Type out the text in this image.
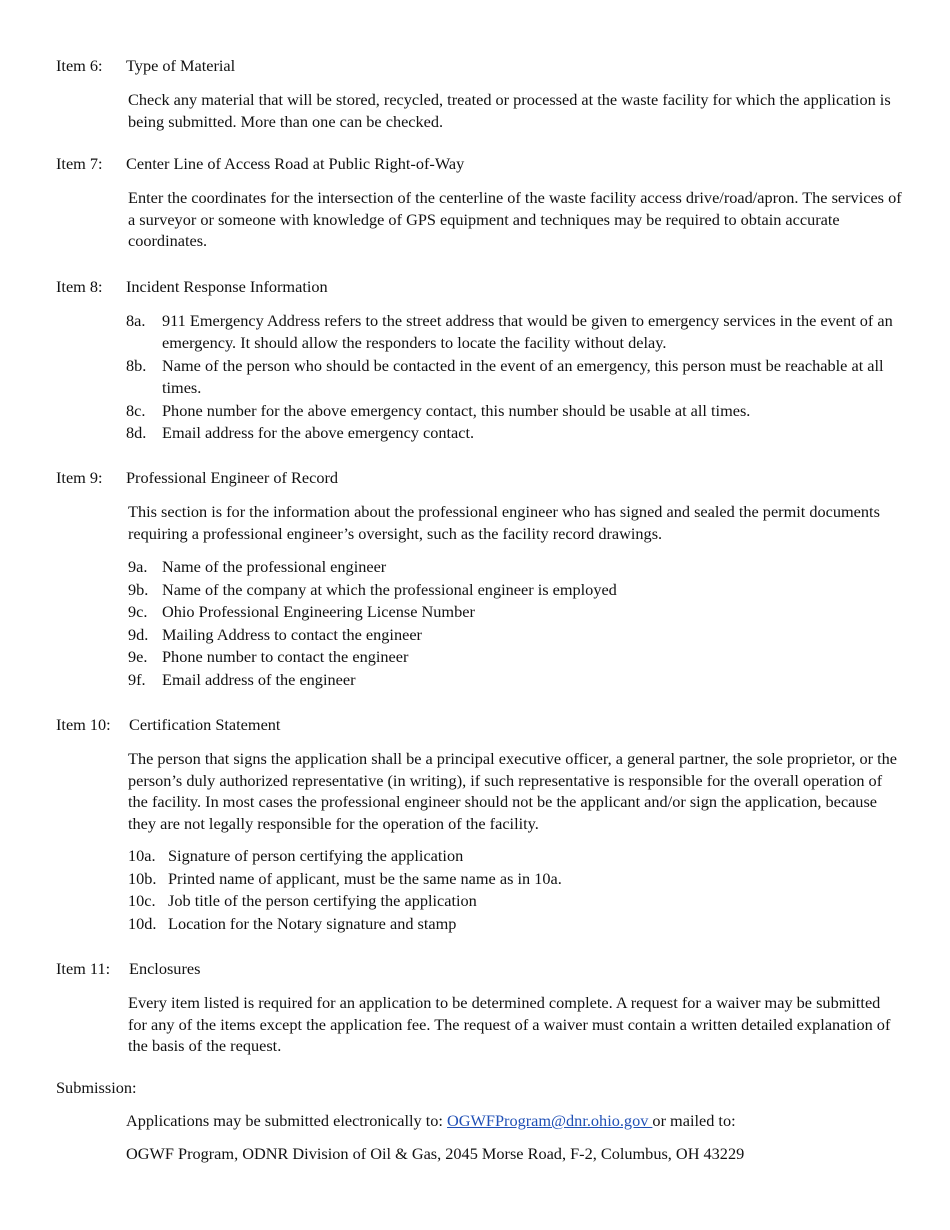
Item 6: Type of Material

Check any material that will be stored, recycled, treated or processed at the waste facility for which the application is being submitted. More than one can be checked.

Item 7: Center Line of Access Road at Public Right-of-Way

Enter the coordinates for the intersection of the centerline of the waste facility access drive/road/apron. The services of a surveyor or someone with knowledge of GPS equipment and techniques may be required to obtain accurate coordinates.

Item 8: Incident Response Information
8a. 911 Emergency Address refers to the street address that would be given to emergency services in the event of an emergency. It should allow the responders to locate the facility without delay.
8b. Name of the person who should be contacted in the event of an emergency, this person must be reachable at all times.
8c. Phone number for the above emergency contact, this number should be usable at all times.
8d. Email address for the above emergency contact.
Item 9: Professional Engineer of Record

This section is for the information about the professional engineer who has signed and sealed the permit documents requiring a professional engineer’s oversight, such as the facility record drawings.

9a. Name of the professional engineer
9b. Name of the company at which the professional engineer is employed
9c. Ohio Professional Engineering License Number
9d. Mailing Address to contact the engineer
9e. Phone number to contact the engineer
9f. Email address of the engineer
Item 10: Certification Statement

The person that signs the application shall be a principal executive officer, a general partner, the sole proprietor, or the person’s duly authorized representative (in writing), if such representative is responsible for the overall operation of the facility. In most cases the professional engineer should not be the applicant and/or sign the application, because they are not legally responsible for the operation of the facility.

10a. Signature of person certifying the application
10b. Printed name of applicant, must be the same name as in 10a.
10c. Job title of the person certifying the application
10d. Location for the Notary signature and stamp
Item 11: Enclosures

Every item listed is required for an application to be determined complete. A request for a waiver may be submitted for any of the items except the application fee. The request of a waiver must contain a written detailed explanation of the basis of the request.

Submission:
Applications may be submitted electronically to: OGWFProgram@dnr.ohio.gov or mailed to:
OGWF Program, ODNR Division of Oil & Gas, 2045 Morse Road, F-2, Columbus, OH 43229
